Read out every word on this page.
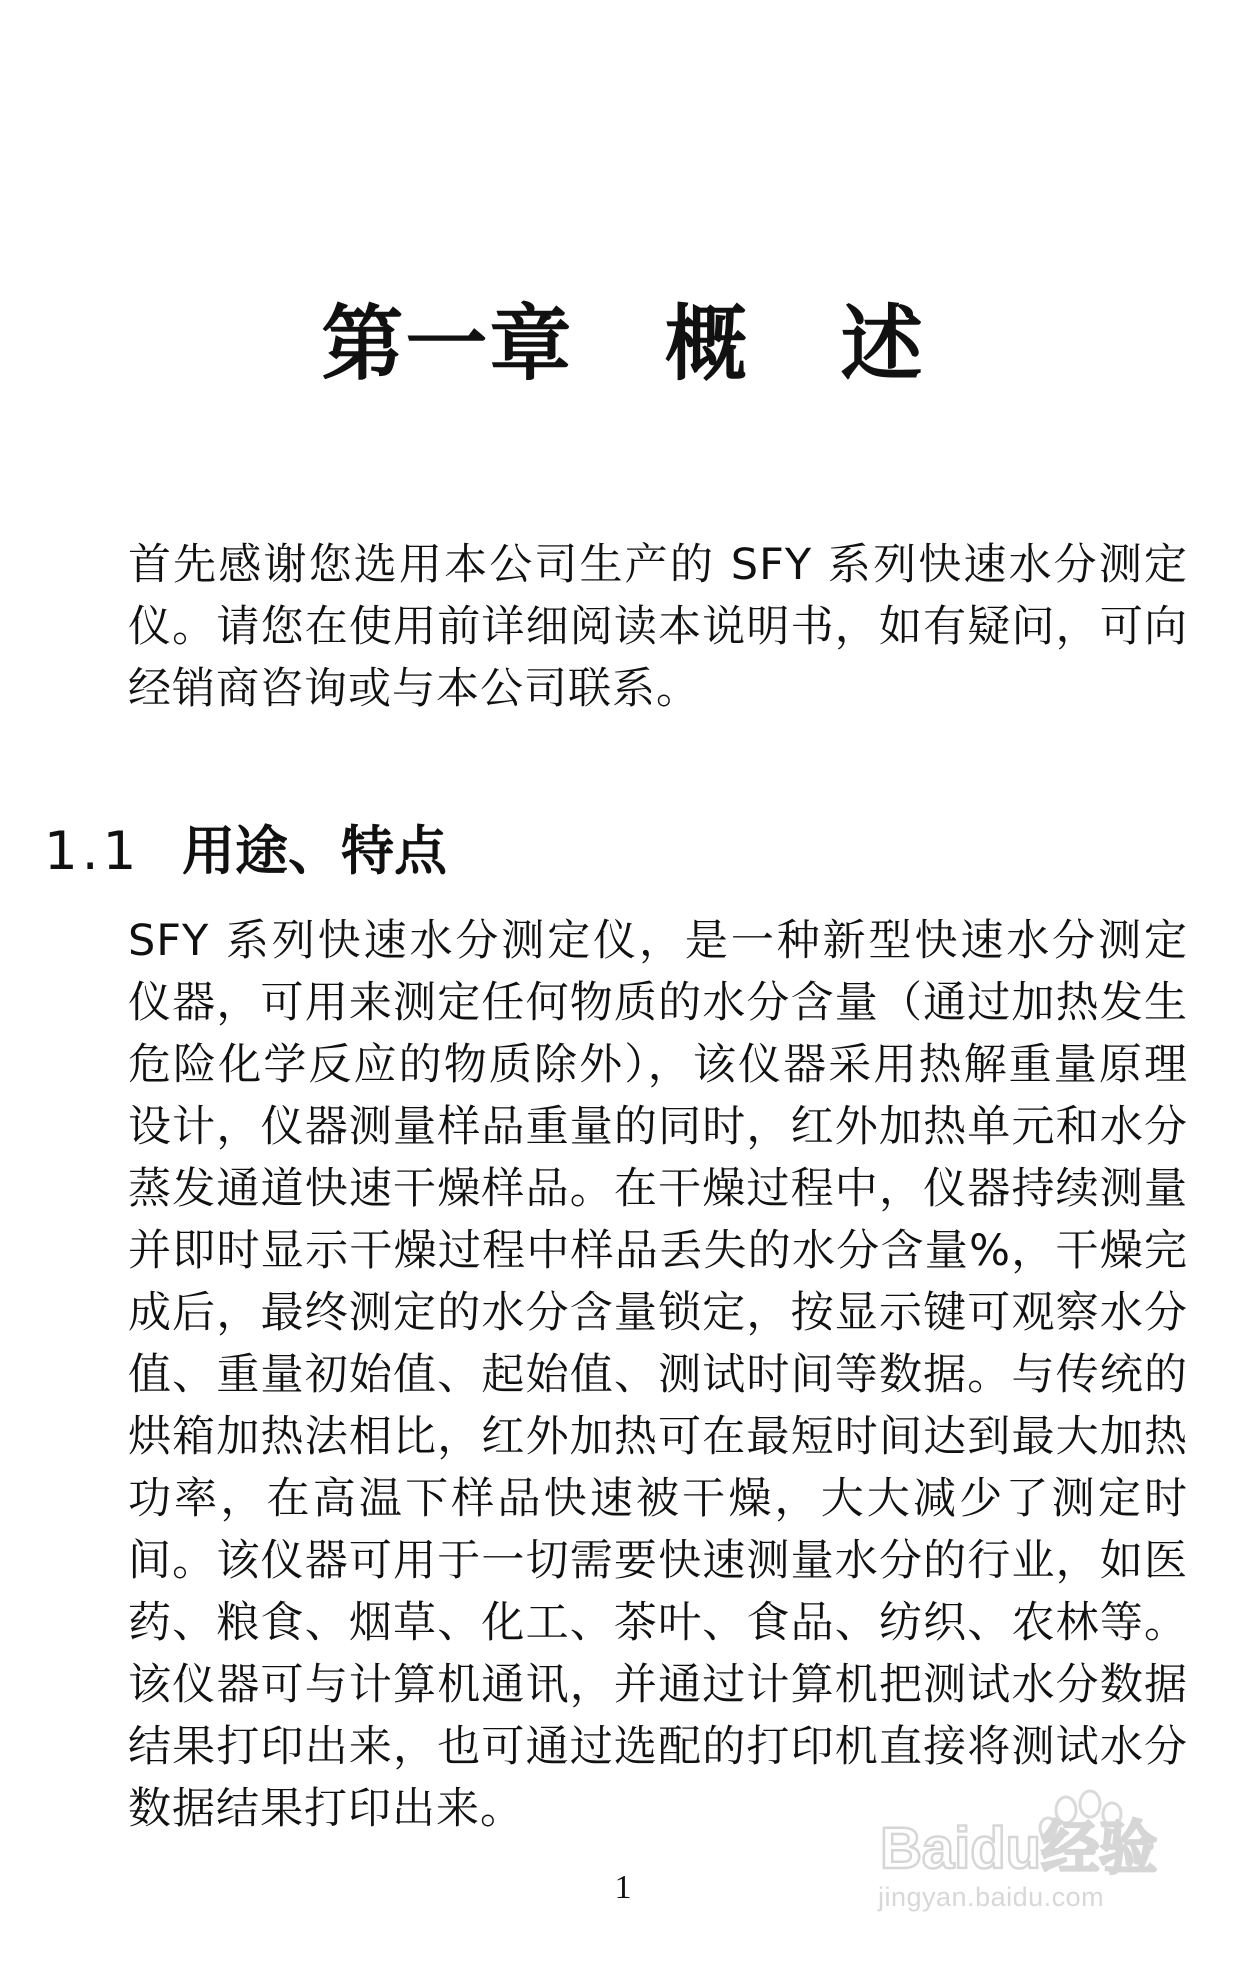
第一章   概   述
首先感谢您选用本公司生产的 SFY 系列快速水分测定仪。请您在使用前详细阅读本说明书，如有疑问，可向经销商咨询或与本公司联系。
1.1 用途、特点
SFY 系列快速水分测定仪，是一种新型快速水分测定仪器，可用来测定任何物质的水分含量（通过加热发生危险化学反应的物质除外），该仪器采用热解重量原理设计，仪器测量样品重量的同时，红外加热单元和水分蒸发通道快速干燥样品。在干燥过程中，仪器持续测量并即时显示干燥过程中样品丢失的水分含量%，干燥完成后，最终测定的水分含量锁定，按显示键可观察水分值、重量初始值、起始值、测试时间等数据。与传统的烘箱加热法相比，红外加热可在最短时间达到最大加热功率，在高温下样品快速被干燥，大大减少了测定时间。该仪器可用于一切需要快速测量水分的行业，如医药、粮食、烟草、化工、茶叶、食品、纺织、农林等。该仪器可与计算机通讯，并通过计算机把测试水分数据结果打印出来，也可通过选配的打印机直接将测试水分数据结果打印出来。
1
Baidu经验
jingyan.baidu.com
